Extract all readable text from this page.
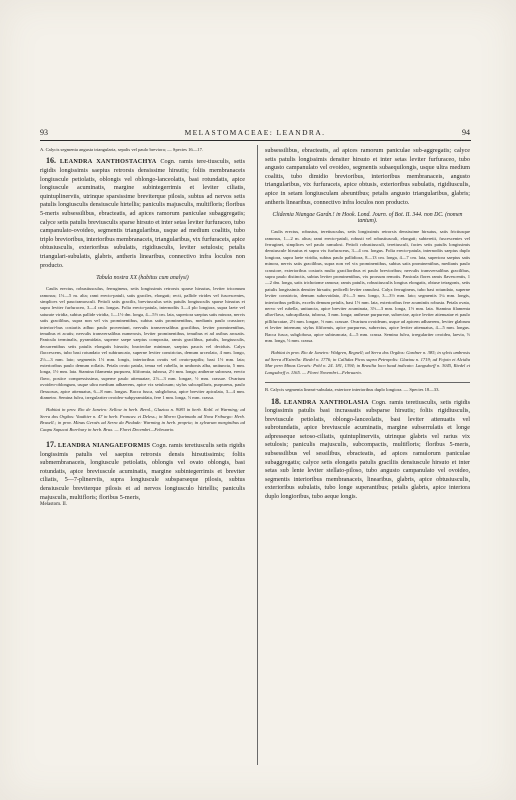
93	MELASTOMACEAE: LEANDRA.	94

A. Calycis segmenta angusta triangularia, sepalis vel paulo breviora; — Species 16—17.

16. LEANDRA XANTHOSTACHYA Cogn. ramis tere-tiusculis, setis rigidis longissimis saepius retrorsis densissime hirsutis; foliis membranaceis longiuscule petiolatis, oblongis vel oblongo-lanceolatis, basi rotundatis, apice longiuscule acuminatis, margine subintegerrimis et leviter ciliatis, quintuplinerviis, utrinque sparsissime breviterque pilosis, subtus ad nervos setis patulis longiusculis densiuscule hirtellis; paniculis majusculis, multifloris; floribus 5-meris subsessilibus, ebracteatis, ad apices ramorum paniculae subaggregatis; calyce setis patulis breviusculis sparse hirsuto et inter setas leviter furfuraceo, tubo campanulato-ovoideo, segmentis triangularibus, usque ad medium coalitis, tubo triplo brevioribus, interioribus membranaceis, triangularibus, vix furfuraceis, apice obtusiusculis, exterioribus subulatis, rigidiusculis, leviter setulosis; petalis triangulari-subulatis, glabris, antheris linearibus, connectivo infra loculos non producto.

Tabula nostra XX (habitus cum analysi)

Caulis erectus, robustiusculus, ferrugineus, setis longissimis retrorsis sparse hirsutus, leviter tricomum ramosus; 1⅓—5 m. alta; rami erecto-patuli, satis graciles, elongati; recti, pallide virides vel fuscescentes, simplices vel pauciramosculi. Petioli satis gracilis, breviusculus setis patulis longiusculis sparse hirsutus et supra leviter furfuraceo, 3—4 cm. longus. Folia erecto-patula, internodiis 3—4 plo longiora, supra laete vel saturate viridia, subtus pallide viridia, 1—1½ dm. longa, 4—5½ cm. lata, superiora saepius satis minora, nervis satis gracilibus, supra non vel vix prominentibus, subtus satis prominentibus, medianis paulo crassiore; interiori-bus costariis adhuc paulo proveniunt, nervulis transversalibus gracilibus, leviter prominentibus, tenuibus et acutis; nervulis transversalibus numerosis, leviter prominentibus, tenuibus et ad axibus arcuatis. Panicula terminalis, pyramidata, superne saepe saepius composita, ramis gracilibus, patulis, longiusculis, decurrentibus setis patulis elongatis hirsutis; bracteolae minimae, saepius paucis vel deciduis. Calyx flaccescens, tubo basi rotundato vel subtruncato, superne leviter constrictus, demum urceolato, 4 mm. longo, 2⅓—3 mm. lato; segmentis 1⅓ mm. longis, interioribus ovatis vel ovato-papilis; basi 1½ mm. lata; exterioribus paulo demum rollatis. Petala ovato patula, tenua vel rubella, in umbonis alba, unituncta, 5 mm. longa, 1½ mm. lata. Stamina filamenta purpurea, filiformia, tubrosa, 2½ mm. longa; antherae subrosea, erecto flavo, postice compressissima, superne paulo attenuatae, 2⅓—3 mm. longae, ½ mm. crassae. Ovarium ovoideo-oblongum, usque ultra medium adhaerens, apice vix setulosum; stylus subcapillaris, purpureus, paulo flexuosus, apice attenuatus, 6—8 mm. longus. Bacca fusca, subglobosa, apice breviter apiculata, 3—4 mm. diametro. Semina fulva, irregulariter ovoideo-subpyramidata, fere 1 mm. longa, ⅓ mm. crassa.

Habitat in prov. Rio de Janeiro: Sellow in herb. Berol., Glaziou n. 9083 in herb. Kobl. et Warming; ad Serra dos Orgãos: Vauthier n. 47 in herb. Francav. et Deless.; in Morro Queimado ad Nova Friburgo: Herb. Bruxell.; in prov. Minas Geraës ad Serra da Piedade: Warming in herb. propria; in sylvarum marginibus ad Caapu Sapucai Bon-bury in herb. Brux. — Floret Decembri—Februario.

17. LEANDRA NIANGAEFORMIS Cogn. ramis teretiusculis setis rigidis longissimis patulis vel saepius retrorsis densis hirsutissimis; foliis submembranaceis, longiuscule petiolatis, oblongis vel ovato oblongis, basi rotundatis, apice breviuscule acuminatis, margine subintegerrimis et breviter ciliatis, 5—7-plinerviis, supra longiuscule subsparseque pilosis, subtus densiuscule breviterque pilosis et ad nervos longiusculo hirtellis; paniculis majusculis, multifloris; floribus 5-meris,

Melastom. II.

subsessilibus, ebracteatis, ad apices ramorum paniculae sub-aggregatis; calyce setis patulis longissimis densiter hirsuto et inter setas leviter furfuraceo, tubo angusto campanulato vel ovoideo, segmentis subaequilongis, usque ultra medium coalitis, tubo dimidio brevioribus, interioribus membranaceis, angusto triangularibus, vix furfuraceis, apice obtusis, exterioribus subulatis, rigidiusculis, apice in setam longiusculam abeuntibus; petalis angusto triangularibus, glabris; antheris linearibus, connectivo infra loculos non producto.

Clidemia Niangae Gardn.! in Hook. Lond. Journ. of Bot. II. 344. non DC. (nomen tantum).

Caulis erectus, robustus, teretiusculus, setis longissimis retrorsis densissime hirsutus, satis frictiusque ramosus, 1—2 m. altus; rami erecto-patuli, robusti vel robustiusculi, elongati; subteretii, fuscescentes vel ferruginei, simplices vel paulo ramulosi. Petioli robustiusculi, teretiusculi, facies setis patulis longissimis densiuscule hirsutus et supra vix furfuraceus, 3—4 cm. longus. Folia erecto-patula, internodiis saepius duplo longiora, supra laete viridia, subtus paulo pallidiora, 8—13 cm. longa, 4—7 cm. lata, superiora saepius satis minora, nervis satis gracilibus, supra non vel vix prominentibus, subtus satis prominentibus, medianis paulo crassiore, exterioribus costaris multo gracilioribus et paulo brevioribus; nervulis transversalibus gracilibus, supra paulo distinctis, subtus leviter prominentibus, vix prorsum remotis. Panicula flores ramis flavescentis, 1—2 dm. longa, satis trichotome ramosa; ramis patulis, robustiusculis longius elongatis, obtuse tetragonis, setis patulis longissimis densiter hirsutis; pedicelli leviter ramulosi. Calyx ferrugineus, tubo basi rotundato, superne leviter constricto, demum subovoidato, 4½—5 mm. longo, 3—3½ mm. lato; segmentis 1¼ mm. longis, interioribus pellitis, excelis demum petulis, basi 1½ mm. lata, exterioribus fere acuminiis robusta. Petala ovata, nervo vel rubella, unituncta, apice breviter acuminata, 3½—3 mm. longa, 1½ mm. lata. Stamina filamenta alba-flava, subcapillaria, tubrosa, 3 mm. longa; antherae purpureae, subrectae, apice leviter attenuatae et paulo pillifurcatae, 2½ mm. longae, ½ mm. crassae. Ovarium ovoideum, usque ad apicem adhaerens, leviter glabrum et leviter intrenum; stylus filiformis, apice purpureus, subrectus, apice leviter attenuatus, 4—5 mm. longus. Bacca fusca, subglobosa, apice subtruncata, 4—5 mm. crassa. Semina fulva, irregulariter ovoidea, laevia, ⅓ mm. longa, ⅓ mm. crassa.

Habitat in prov. Rio de Janeiro: Widgren, Regnell; ad Serra dos Orgãos: Gardner n. 385; in sylvis umbrosis ad Serra d'Estrella: Riedel n. 1776; in Callidas Picos supra Petropolis: Glaziou n. 1719; ad Fojoto et Alcidia Mar pern Minas Geraës: Pohl n. 24. 181, 1394; in Brasilia loco haud indicato: Langsdorff n. 3045, Riedel et Langsdorff n. 1165. — Floret Novembri—Februario.

B. Calycis segmenta lineari-subulata, exteriore interioribus duplo longiora. — Species 18—33.

18. LEANDRA XANTHOLASIA Cogn. ramis teretiusculis, setis rigidis longissimis patulis basi incrassatis subsparse hirsutis; foliis rigidiusculis, breviuscule petiolatis, oblongo-lanceolatis, basi leviter attenuatis vel subrotundatis, apice breviuscule acuminatis, margine subserrulatis et longe adpresseque setoso-ciliatis, quintuplinerviis, utrinque glabris vel rarius vix setulosis; paniculis majusculis, subcompactis, multifloris; floribus 5-meris, subsessilibus vel sessilibus, ebracteatis, ad apices ramulorum paniculae subaggregatis; calyce setis elongatis patulis graciliis densiuscule hirsuto et inter setas sub lente leviter stellato-piloso, tubo angusto campanulato vel ovoideo, segmentis interioribus membranaceis, linearibus, glabris, apice obtusiusculis, exterioribus subulatis, tubo longe superantibus; petalis glabris, apice interiora duplo longioribus, tubo aeque longis.
